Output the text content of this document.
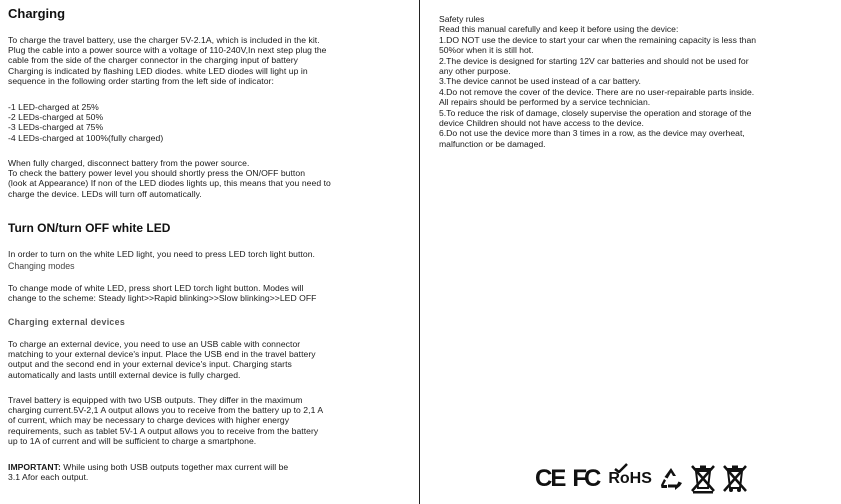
Charging
To charge the travel battery, use the charger 5V-2.1A, which is included in the kit.
Plug the cable into a power source with a voltage of 110-240V,In next step plug the
cable from the side of the charger connector in the charging input of battery
Charging is indicated by flashing LED diodes. white LED diodes will light up in
sequence in the following order starting from the left side of indicator:
-1 LED-charged at 25%
-2 LEDs-charged at 50%
-3 LEDs-charged at 75%
-4 LEDs-charged at 100%(fully charged)
When fully charged, disconnect battery from the power source.
To check the battery power level you should shortly press the ON/OFF button
(look at Appearance) If non of the LED diodes lights up, this means that you need to
charge the device. LEDs will turn off automatically.
Turn ON/turn OFF white LED
In order to turn on the white LED light, you need to press LED torch light button.
Changing modes
To change mode of white LED, press short LED torch light button. Modes will
change to the scheme: Steady light>>Rapid blinking>>Slow blinking>>LED OFF
Charging external devices
To charge an external device, you need to use an USB cable with connector
matching to your external device's input. Place the USB end in the travel battery
output and the second end in your external device's input. Charging starts
automatically and lasts untill external device is fully charged.
Travel battery is equipped with two USB outputs. They differ in the maximum
charging current.5V-2,1 A output allows you to receive from the battery up to 2,1 A
of current, which may be necessary to charge devices with higher energy
requirements, such as tablet 5V-1 A output allows you to receive from the battery
up to 1A of current and will be sufficient to charge a smartphone.
IMPORTANT: While using both USB outputs together max current will be
3.1 Afor each output.
Safety rules
Read this manual carefully and keep it before using the device:
1.DO NOT use the device to start your car when the remaining capacity is less than
50%or when it is still hot.
2.The device is designed for starting 12V car batteries and should not be used for
any other purpose.
3.The device cannot be used instead of a car battery.
4.Do not remove the cover of the device. There are no user-repairable parts inside.
All repairs should be performed by a service technician.
5.To reduce the risk of damage, closely supervise the operation and storage of the
device Children should not have access to the device.
6.Do not use the device more than 3 times in a row, as the device may overheat,
malfunction or be damaged.
CE FC RoHS
